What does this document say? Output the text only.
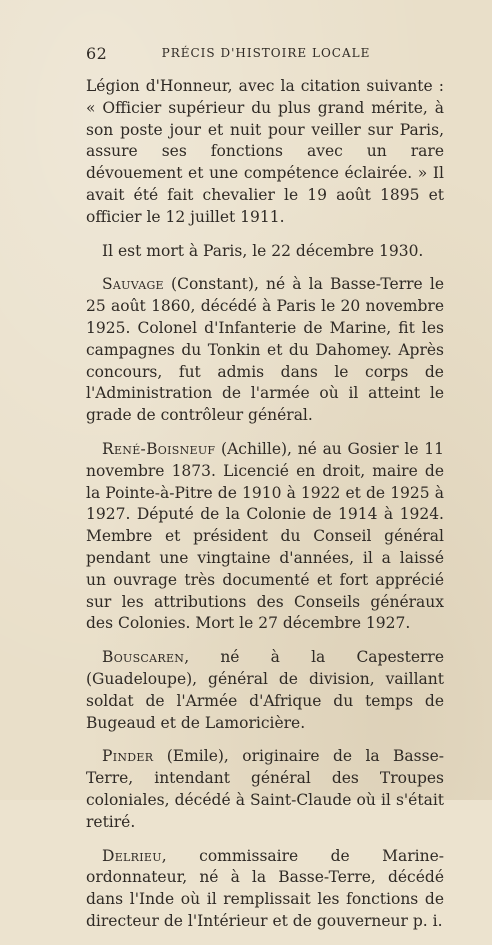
62	PRÉCIS D'HISTOIRE LOCALE

Légion d'Honneur, avec la citation suivante : « Officier supérieur du plus grand mérite, à son poste jour et nuit pour veiller sur Paris, assure ses fonctions avec un rare dévouement et une compétence éclairée. » Il avait été fait chevalier le 19 août 1895 et officier le 12 juillet 1911.

Il est mort à Paris, le 22 décembre 1930.

Sauvage (Constant), né à la Basse-Terre le 25 août 1860, décédé à Paris le 20 novembre 1925. Colonel d'Infanterie de Marine, fit les campagnes du Tonkin et du Dahomey. Après concours, fut admis dans le corps de l'Administration de l'armée où il atteint le grade de contrôleur général.

René-Boisneuf (Achille), né au Gosier le 11 novembre 1873. Licencié en droit, maire de la Pointe-à-Pitre de 1910 à 1922 et de 1925 à 1927. Député de la Colonie de 1914 à 1924. Membre et président du Conseil général pendant une vingtaine d'années, il a laissé un ouvrage très documenté et fort apprécié sur les attributions des Conseils généraux des Colonies. Mort le 27 décembre 1927.

Bouscaren, né à la Capesterre (Guadeloupe), général de division, vaillant soldat de l'Armée d'Afrique du temps de Bugeaud et de Lamoricière.

Pinder (Emile), originaire de la Basse-Terre, intendant général des Troupes coloniales, décédé à Saint-Claude où il s'était retiré.

Delrieu, commissaire de Marine-ordonnateur, né à la Basse-Terre, décédé dans l'Inde où il remplissait les fonctions de directeur de l'Intérieur et de gouverneur p. i.
